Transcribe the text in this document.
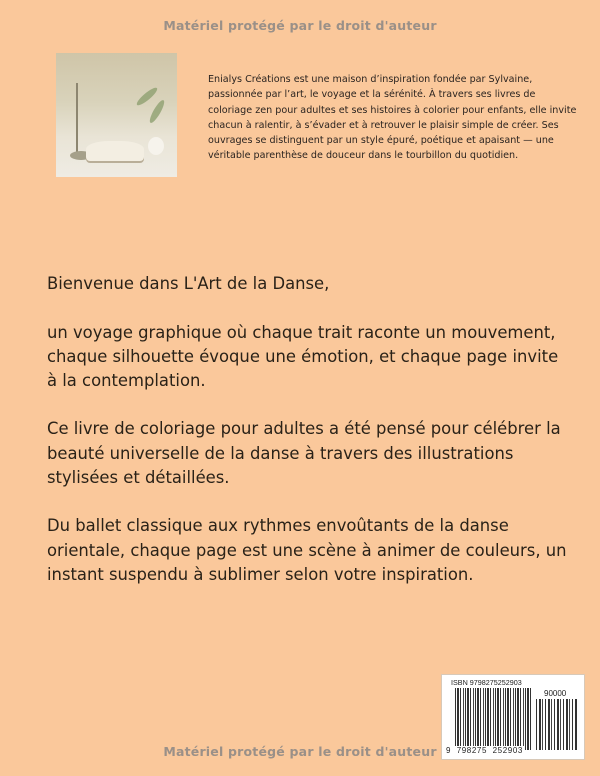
Matériel protégé par le droit d'auteur
Enialys Créations est une maison d’inspiration fondée par Sylvaine, passionnée par l’art, le voyage et la sérénité. À travers ses livres de coloriage zen pour adultes et ses histoires à colorier pour enfants, elle invite chacun à ralentir, à s’évader et à retrouver le plaisir simple de créer. Ses ouvrages se distinguent par un style épuré, poétique et apaisant — une véritable parenthèse de douceur dans le tourbillon du quotidien.

Bienvenue dans L'Art de la Danse,

un voyage graphique où chaque trait raconte un mouvement, chaque silhouette évoque une émotion, et chaque page invite à la contemplation.

Ce livre de coloriage pour adultes a été pensé pour célébrer la beauté universelle de la danse à travers des illustrations stylisées et détaillées.

Du ballet classique aux rythmes envoûtants de la danse orientale, chaque page est une scène à animer de couleurs, un instant suspendu à sublimer selon votre inspiration.

ISBN 9798275252903
90000
9  798275  252903
Matériel protégé par le droit d'auteur
